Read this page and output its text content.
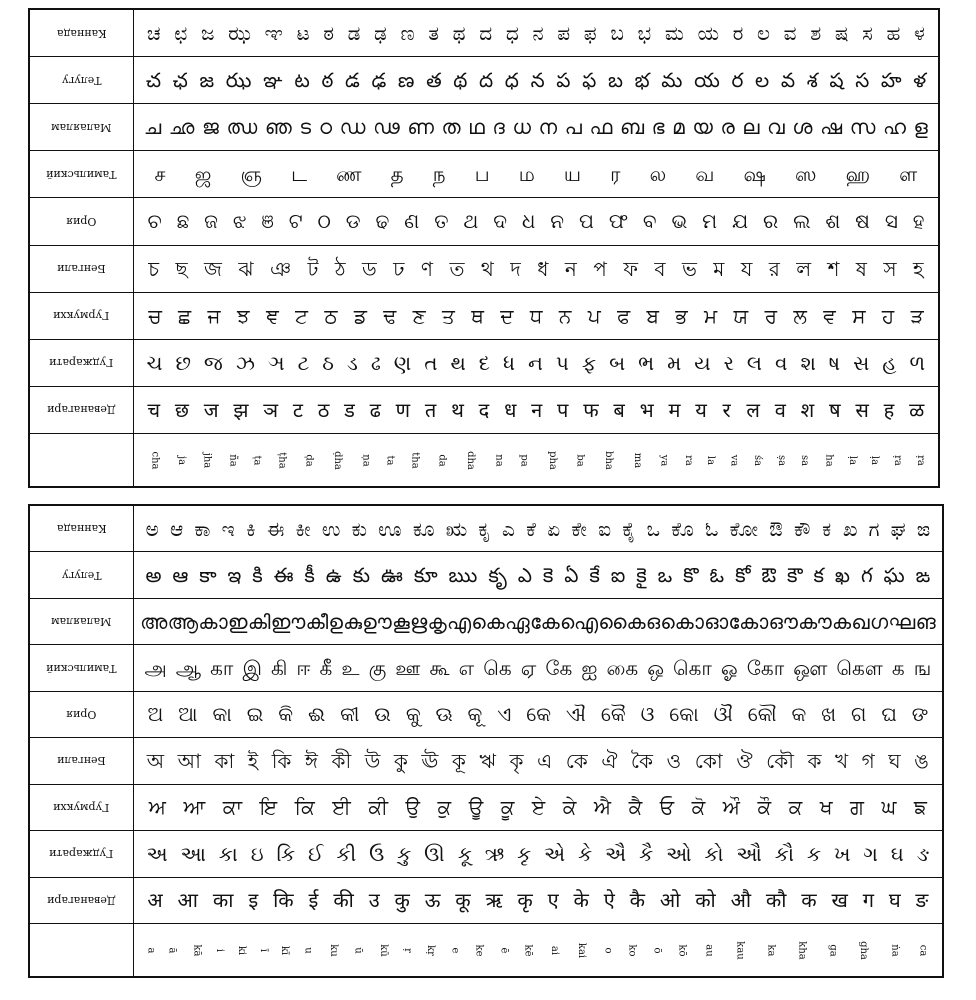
Каннада ಚ ಛ ಜ ಝ ಞ ಟ ಠ ಡ ಢ ಣ ತ ಥ ದ ಧ ನ ಪ ಫ ಬ ಭ ಮ ಯ ರ ಲ ವ ಶ ಷ ಸ ಹ ಳ
Телугу చ ఛ జ ఝ ఞ ట ఠ డ ఢ ణ త థ ద ధ న ప ఫ బ భ మ య ర ల వ శ ష స హ ళ
Малаялам ച ഛ ജ ഝ ഞ ട ഠ ഡ ഢ ണ ത ഥ ദ ധ ന പ ഫ ബ ഭ മ യ ര ല വ ശ ഷ സ ഹ ള
Тамильский ச ஜ ஞ ட ண த ந ப ம ய ர ல வ ஷ ஸ ஹ ள
Ория	ଚ ଛ ଜ ଝ ଞ ଟ ଠ ଡ ଢ ଣ ତ ଥ ଦ ଧ ନ ପ ଫ ବ ଭ ମ ଯ ର ଲ ଶ ଷ ସ ହ
Бенгали চ ছ জ ঝ ঞ ট ঠ ড ঢ ণ ত থ দ ধ ন প ফ ব ভ ম য র ল শ ষ স হ
Гурмукхи ਚ ਛ ਜ ਝ ਞ ਟ ਠ ਡ ਢ ਣ ਤ ਥ ਦ ਧ ਨ ਪ ਫ ਬ ਭ ਮ ਯ ਰ ਲ ਵ ਸ ਹ ੜ
Гуджарати ચ છ જ ઝ ઞ ટ ઠ ડ ઢ ણ ત થ દ ધ ન પ ફ બ ભ મ ય ર લ વ શ ષ સ હ ળ
Деванагари च छ ज झ ञ ट ठ ड ढ ण त थ द ध न प फ ब भ म य र ल व श ष स ह ळ
cha ja jha ña ṭa ṭha ḍa ḍha ṇa ta tha da dha na pa pha ba bha ma ya ra la va śa ṣa sa ha ḷa ḷa ṛa ṛa
Каннада ಅ ಆ ಕಾ ಇ ಕಿ ಈ ಕೀ ಉ ಕು ಊ ಕೂ ಋ ಕೃ ಎ ಕೆ ಏ ಕೇ ಐ ಕೈ ಒ ಕೊ ಓ ಕೋ ಔ ಕೌ ಕ ಖ ಗ ಘ ಙ
Телугу అ ఆ కా ఇ కి ఈ కీ ఉ కు ఊ కూ ఋ కృ ఎ కె ఏ కే ఐ కై ఒ కొ ఓ కో ఔ కౌ క ఖ గ ఘ ఙ
Малаялам അ ആ കാ ഇ കി ഈ കീ ഉ കു ഊ കൂ ഋ കൃ എ കെ ഏ കേ ഐ കൈ ഒ കൊ ഓ കോ ഔ കൗ ക ഖ ഗ ഘ ങ
Тамильский அ ஆ கா இ கி ஈ கீ உ கு ஊ கூ எ கெ ஏ கே ஐ கை ஒ கொ ஓ கோ ஔ கௌ க ங
Ория	ଅ ଆ କା ଇ କି ଈ କୀ ଉ କୁ ଊ କୂ ଏ କେ ଐ କୈ ଓ କୋ ଔ କୌ କ ଖ ଗ ଘ ଙ
Бенгали অ আ কা ই কি ঈ কী উ কু ঊ কূ ঋ কৃ এ কে ঐ কৈ ও কো ঔ কৌ ক খ গ ঘ ঙ
Гурмукхи ਅ ਆ ਕਾ ਇ ਕਿ ਈ ਕੀ ਉ ਕੁ ਊ ਕੂ ਏ ਕੇ ਐ ਕੈ ਓ ਕੋ ਔ ਕੌ ਕ ਖ ਗ ਘ ਙ
Гуджарати અ આ કા ઇ કિ ઈ કી ઉ કુ ઊ કૂ ઋ કૃ એ કે ઐ કૈ ઓ કો ઔ કૌ ક ખ ગ ઘ ઙ
Деванагари अ आ का इ कि ई की उ कु ऊ कू ऋ कृ ए के ऐ कै ओ को औ कौ क ख ग घ ङ
a ā kā i ki ī kī u ku ū kū ṛ kṛ e ke ē kē ai kai o ko ō kō au kau ka kha ga gha ṅa ca
